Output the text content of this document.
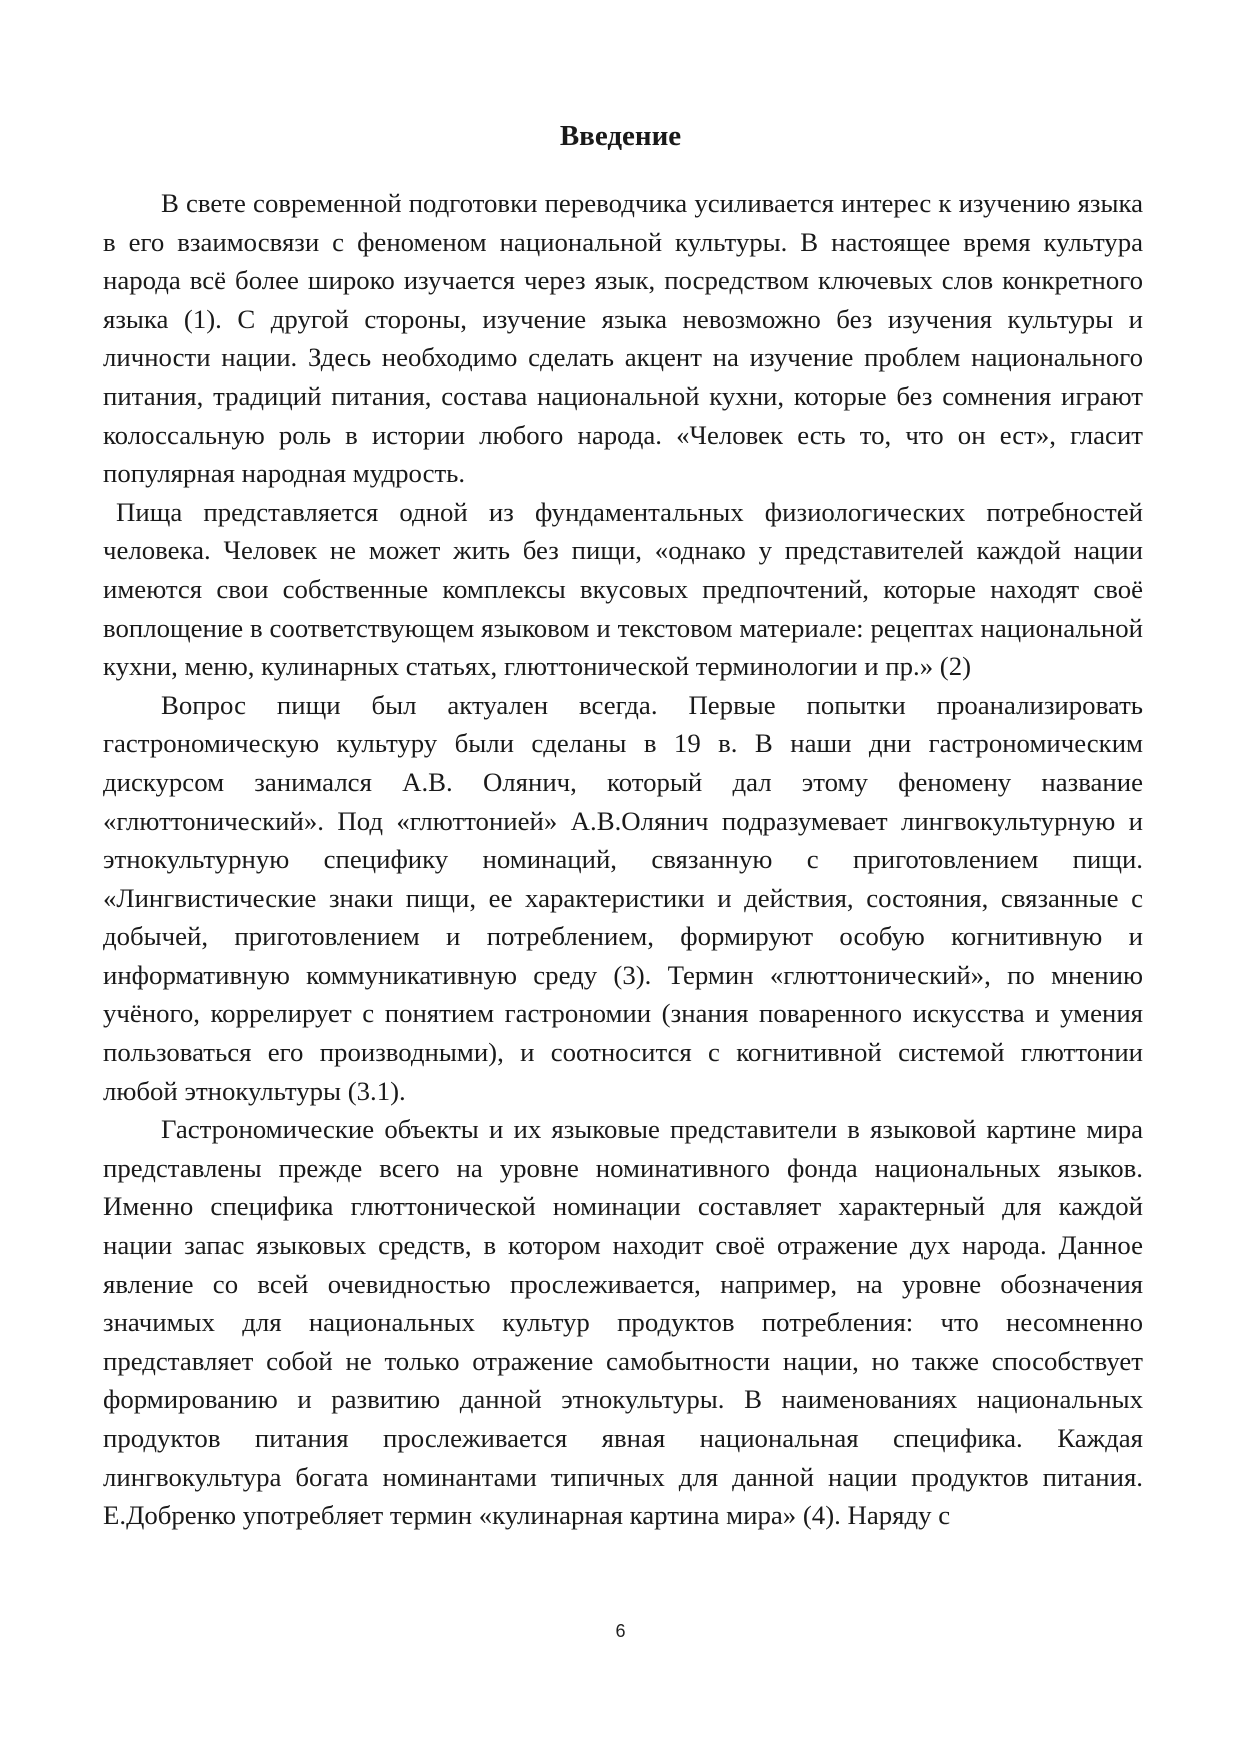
Введение

В свете современной подготовки переводчика усиливается интерес к изучению языка в его взаимосвязи с феноменом национальной культуры. В настоящее время культура народа всё более широко изучается через язык, посредством ключевых слов конкретного языка (1). С другой стороны, изучение языка невозможно без изучения культуры и личности нации. Здесь необходимо сделать акцент на изучение проблем национального питания, традиций питания, состава национальной кухни, которые без сомнения играют колоссальную роль в истории любого народа. «Человек есть то, что он ест», гласит популярная народная мудрость.

Пища представляется одной из фундаментальных физиологических потребностей человека. Человек не может жить без пищи, «однако у представителей каждой нации имеются свои собственные комплексы вкусовых предпочтений, которые находят своё воплощение в соответствующем языковом и текстовом материале: рецептах национальной кухни, меню, кулинарных статьях, глюттонической терминологии и пр.» (2)

Вопрос пищи был актуален всегда. Первые попытки проанализировать гастрономическую культуру были сделаны в 19 в. В наши дни гастрономическим дискурсом занимался А.В. Олянич, который дал этому феномену название «глюттонический». Под «глюттонией» А.В.Олянич подразумевает лингвокультурную и этнокультурную специфику номинаций, связанную с приготовлением пищи. «Лингвистические знаки пищи, ее характеристики и действия, состояния, связанные с добычей, приготовлением и потреблением, формируют особую когнитивную и информативную коммуникативную среду (3). Термин «глюттонический», по мнению учёного, коррелирует с понятием гастрономии (знания поваренного искусства и умения пользоваться его производными), и соотносится с когнитивной системой глюттонии любой этнокультуры (3.1).

Гастрономические объекты и их языковые представители в языковой картине мира представлены прежде всего на уровне номинативного фонда национальных языков. Именно специфика глюттонической номинации составляет характерный для каждой нации запас языковых средств, в котором находит своё отражение дух народа. Данное явление со всей очевидностью прослеживается, например, на уровне обозначения значимых для национальных культур продуктов потребления: что несомненно представляет собой не только отражение самобытности нации, но также способствует формированию и развитию данной этнокультуры. В наименованиях национальных продуктов питания прослеживается явная национальная специфика. Каждая лингвокультура богата номинантами типичных для данной нации продуктов питания. Е.Добренко употребляет термин «кулинарная картина мира» (4). Наряду с

6
